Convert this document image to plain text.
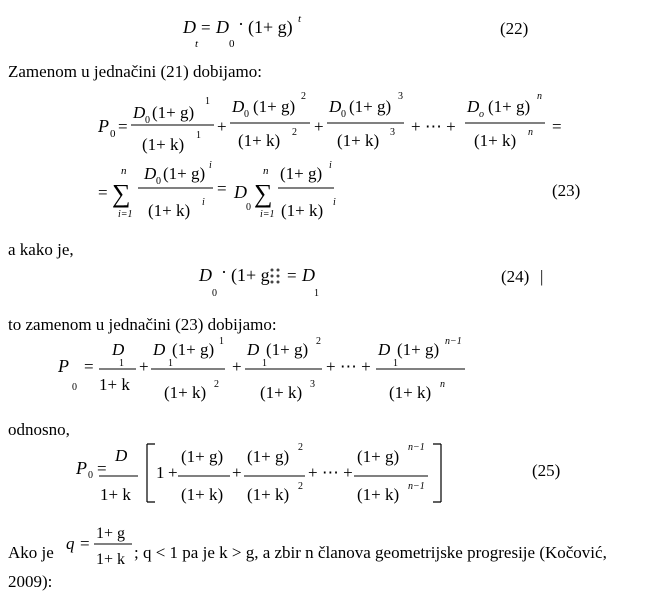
D
t
= D
0
· (1+ g) t	(22)
Zamenom u jednačini (21) dobijamo:
P 0 =
D 0 (1+ g)
1
(1+ k) 1 +
D 0 (1+ g)
2
(1+ k) 2 +
D 0 (1+ g)
3
(1+ k) 3 + ⋯ +
D o (1+ g)
n
(1+ k) n =
= ∑
n
i=1
D 0 (1+ g) i
(1+ k) i
= D
0 ∑
n
i=1
(1+ g) i
(1+ k) i
(23)
a kako je,
D
0
· (1+ g = D
1
(24) |
to zamenom u jednačini (23) dobijamo:
P
0
=
D
1+ k
1 +
D (1+ g) 1
1
(1+ k) 2
+
D (1+ g) 2
1
(1+ k) 3
+ ⋯ +
D (1+ g) n−1
1
(1+ k) n
odnosno,
P 0 =
D
1+ k
1 +
(1+ g)
(1+ k)
+
(1+ g) 2
(1+ k) 2
+ ⋯ +
(1+ g) n−1
(1+ k) n−1
(25)
Ako je q =
1+ g
1+ k ; q < 1 pa je k > g, a zbir n članova geometrijske progresije (Kočović,
2009):
